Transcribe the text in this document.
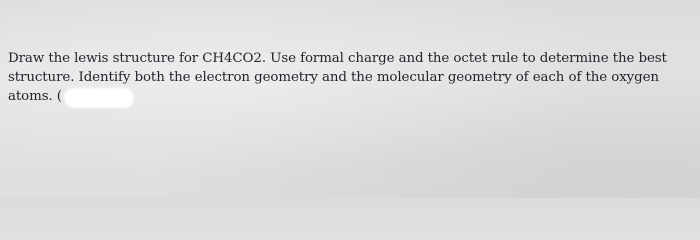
Draw the lewis structure for CH4CO2. Use formal charge and the octet rule to determine the best
structure. Identify both the electron geometry and the molecular geometry of each of the oxygen
atoms. (
